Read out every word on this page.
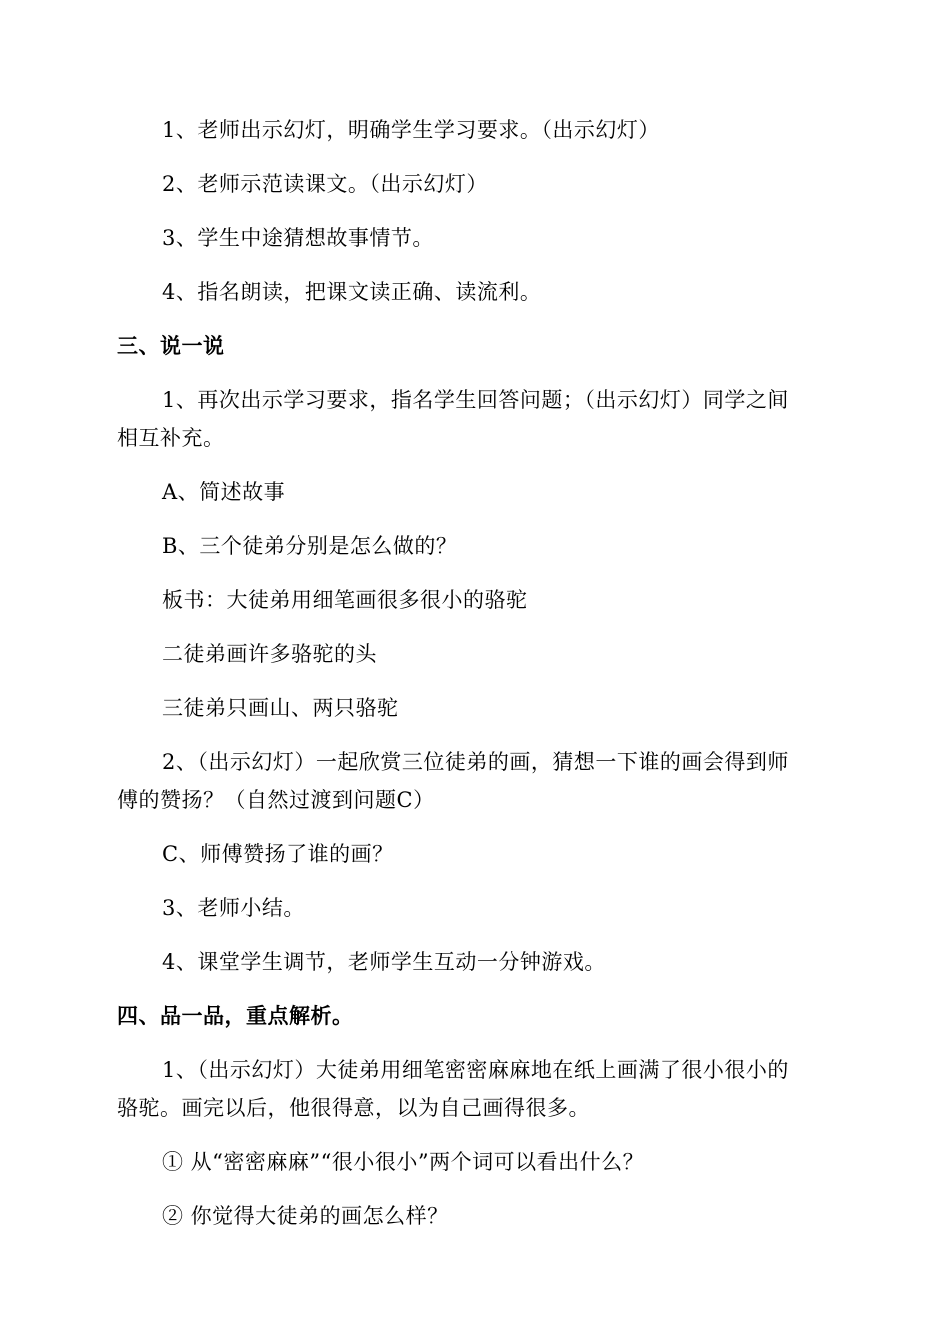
1、老师出示幻灯，明确学生学习要求。（出示幻灯）
2、老师示范读课文。（出示幻灯）
3、学生中途猜想故事情节。
4、指名朗读，把课文读正确、读流利。
三、说一说
1、再次出示学习要求，指名学生回答问题；（出示幻灯）同学之间
相互补充。
A、简述故事
B、三个徒弟分别是怎么做的？
板书：大徒弟用细笔画很多很小的骆驼
二徒弟画许多骆驼的头
三徒弟只画山、两只骆驼
2、（出示幻灯）一起欣赏三位徒弟的画，猜想一下谁的画会得到师
傅的赞扬？（自然过渡到问题C）
C、师傅赞扬了谁的画？
3、老师小结。
4、课堂学生调节，老师学生互动一分钟游戏。
四、品一品，重点解析。
1、（出示幻灯）大徒弟用细笔密密麻麻地在纸上画满了很小很小的
骆驼。画完以后，他很得意，以为自己画得很多。
① 从“密密麻麻”“很小很小”两个词可以看出什么？
② 你觉得大徒弟的画怎么样？
